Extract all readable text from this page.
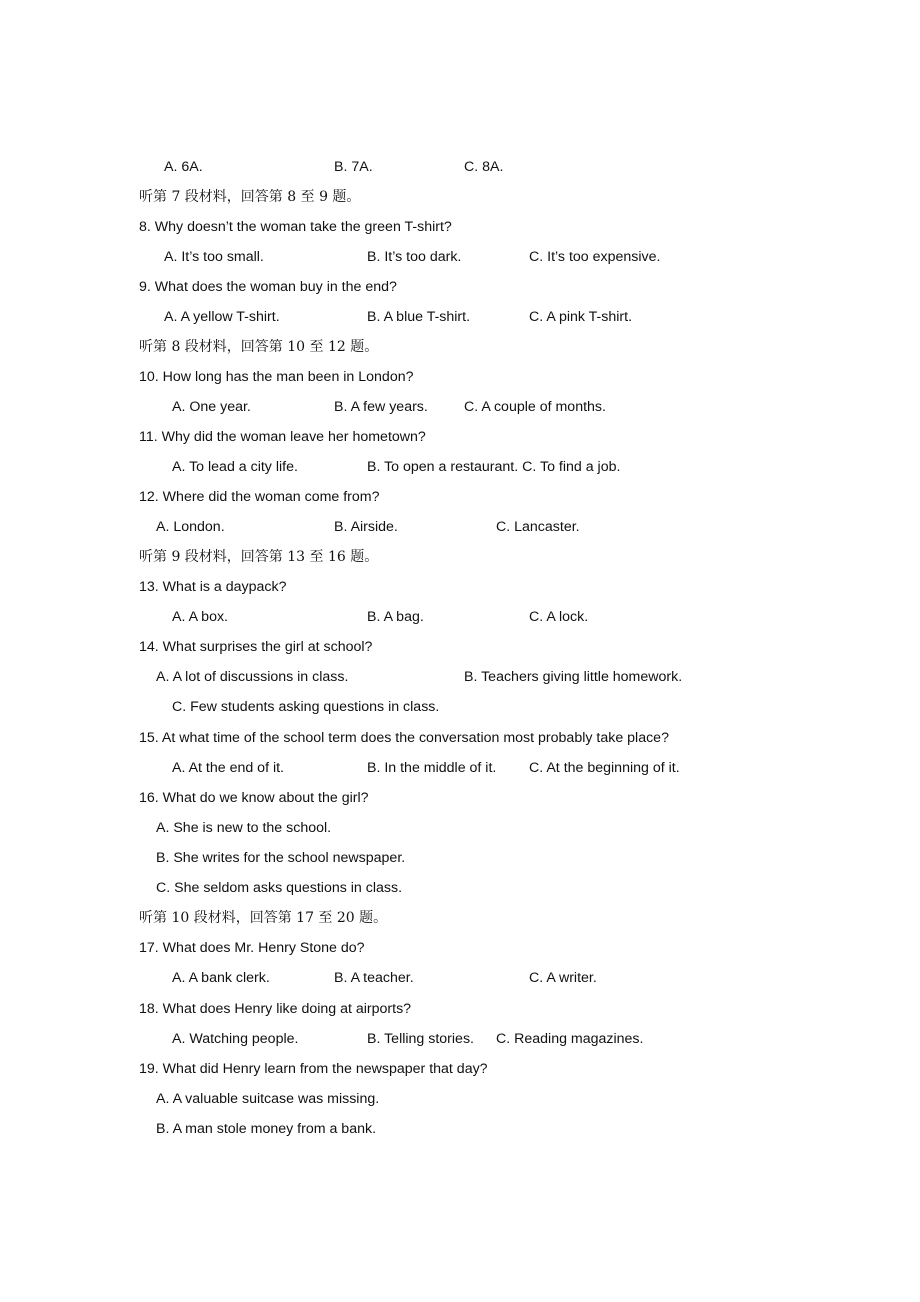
A. 6A.	B. 7A.	C. 8A.
听第 7 段材料，回答第 8 至 9 题。
8. Why doesn’t the woman take the green T-shirt?
A. It’s too small.	B. It’s too dark.	C. It’s too expensive.
9. What does the woman buy in the end?
A. A yellow T-shirt.	B. A blue T-shirt.	C. A pink T-shirt.
听第 8 段材料，回答第 10 至 12 题。
10. How long has the man been in London?
A. One year.	B. A few years.	C. A couple of months.
11. Why did the woman leave her hometown?
A. To lead a city life.	B. To open a restaurant. C. To find a job.
12. Where did the woman come from?
A. London.	B. Airside.	C. Lancaster.
听第 9 段材料，回答第 13 至 16 题。
13. What is a daypack?
A. A box.	B. A bag.	C. A lock.
14. What surprises the girl at school?
A. A lot of discussions in class.	B. Teachers giving little homework.
C. Few students asking questions in class.
15. At what time of the school term does the conversation most probably take place?
A. At the end of it.	B. In the middle of it. C. At the beginning of it.
16. What do we know about the girl?
A. She is new to the school.
B. She writes for the school newspaper.
C. She seldom asks questions in class.
听第 10 段材料，回答第 17 至 20 题。
17. What does Mr. Henry Stone do?
A. A bank clerk.	B. A teacher.	C. A writer.
18. What does Henry like doing at airports?
A. Watching people.	B. Telling stories. C. Reading magazines.
19. What did Henry learn from the newspaper that day?
A. A valuable suitcase was missing.
B. A man stole money from a bank.
